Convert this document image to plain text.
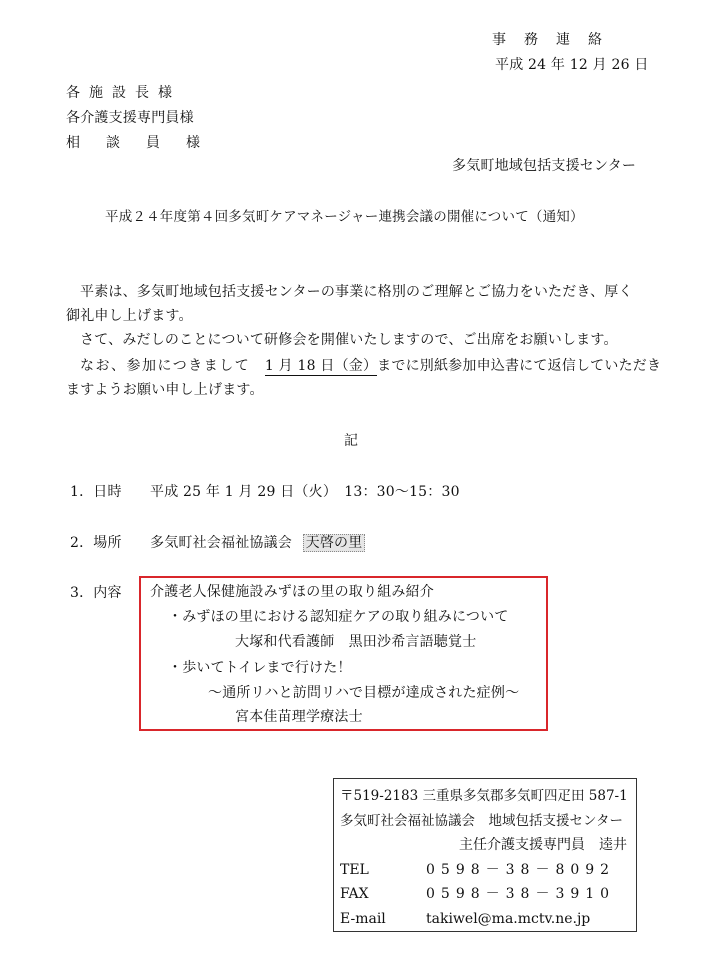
事務連絡
平成 24 年 12 月 26 日
各施設長様
各介護支援専門員様
相談員様
多気町地域包括支援センター
平成２４年度第４回多気町ケアマネージャー連携会議の開催について（通知）
平素は、多気町地域包括支援センターの事業に格別のご理解とご協力をいただき、厚く
御礼申し上げます。
さて、みだしのことについて研修会を開催いたしますので、ご出席をお願いします。
なお、参加につきまして 1 月 18 日（金）までに別紙参加申込書にて返信していただき
ますようお願い申し上げます。
記
1．日時 平成 25 年 1 月 29 日（火）　13：30～15：30
2．場所 多気町社会福祉協議会 天啓の里
3．内容 介護老人保健施設みずほの里の取り組み紹介
・みずほの里における認知症ケアの取り組みについて
大塚和代看護師　黒田沙希言語聴覚士
・歩いてトイレまで行けた！
～通所リハと訪問リハで目標が達成された症例～
宮本佳苗理学療法士
〒519-2183 三重県多気郡多気町四疋田 587-1
多気町社会福祉協議会　地域包括支援センター
主任介護支援専門員　逵井
TEL	0598－38－8092
FAX	0598－38－3910
E-mail	takiwel@ma.mctv.ne.jp
